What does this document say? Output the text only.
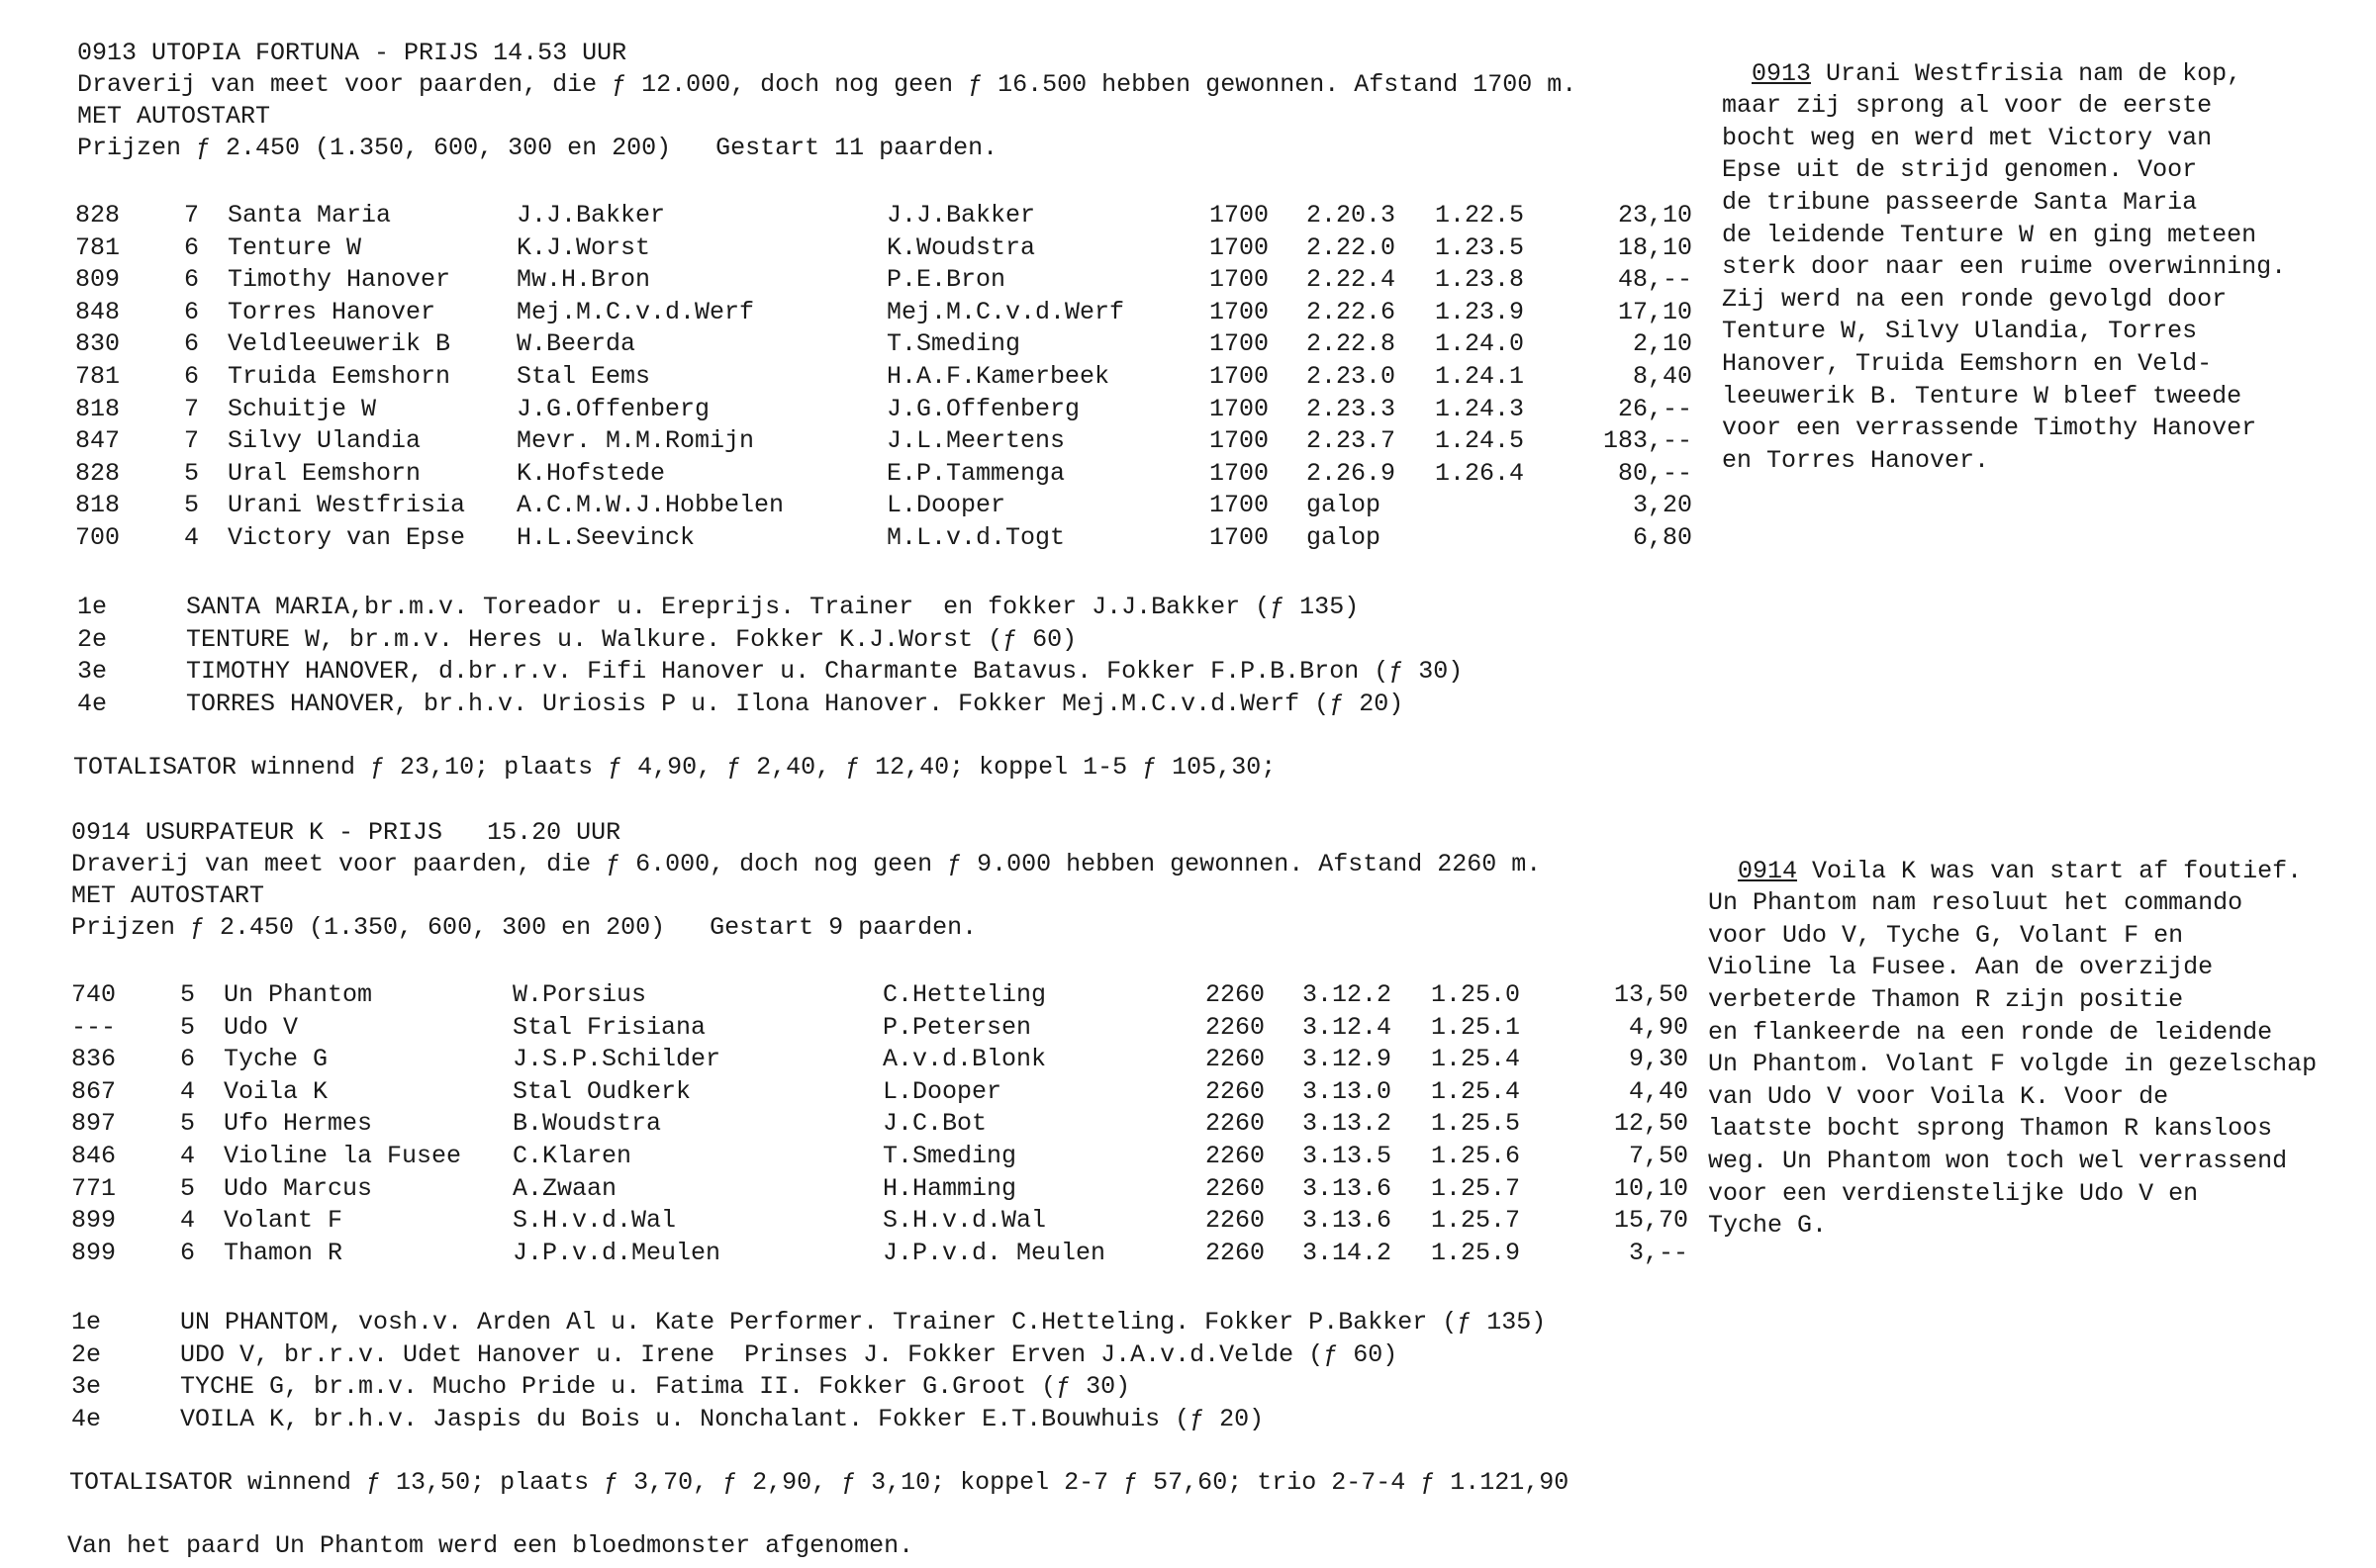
0913 UTOPIA FORTUNA - PRIJS 14.53 UUR

Draverij van meet voor paarden, die ƒ 12.000, doch nog geen ƒ 16.500 hebben gewonnen. Afstand 1700 m.

MET AUTOSTART

Prijzen ƒ 2.450 (1.350, 600, 300 en 200)   Gestart 11 paarden.

828	7	Santa Maria	J.J.Bakker	J.J.Bakker	1700	2.20.3	1.22.5	23,10
781	6	Tenture W	K.J.Worst	K.Woudstra	1700	2.22.0	1.23.5	18,10
809	6	Timothy Hanover	Mw.H.Bron	P.E.Bron	1700	2.22.4	1.23.8	48,--
848	6	Torres Hanover	Mej.M.C.v.d.Werf	Mej.M.C.v.d.Werf	1700	2.22.6	1.23.9	17,10
830	6	Veldleeuwerik B	W.Beerda	T.Smeding	1700	2.22.8	1.24.0	2,10
781	6	Truida Eemshorn	Stal Eems	H.A.F.Kamerbeek	1700	2.23.0	1.24.1	8,40
818	7	Schuitje W	J.G.Offenberg	J.G.Offenberg	1700	2.23.3	1.24.3	26,--
847	7	Silvy Ulandia	Mevr. M.M.Romijn	J.L.Meertens	1700	2.23.7	1.24.5	183,--
828	5	Ural Eemshorn	K.Hofstede	E.P.Tammenga	1700	2.26.9	1.26.4	80,--
818	5	Urani Westfrisia	A.C.M.W.J.Hobbelen	L.Dooper	1700	galop		3,20
700	4	Victory van Epse	H.L.Seevinck	M.L.v.d.Togt	1700	galop		6,80
1e	SANTA MARIA,br.m.v. Toreador u. Ereprijs. Trainer  en fokker J.J.Bakker (ƒ 135)
2e	TENTURE W, br.m.v. Heres u. Walkure. Fokker K.J.Worst (ƒ 60)
3e	TIMOTHY HANOVER, d.br.r.v. Fifi Hanover u. Charmante Batavus. Fokker F.P.B.Bron (ƒ 30)
4e	TORRES HANOVER, br.h.v. Uriosis P u. Ilona Hanover. Fokker Mej.M.C.v.d.Werf (ƒ 20)

TOTALISATOR winnend ƒ 23,10; plaats ƒ 4,90, ƒ 2,40, ƒ 12,40; koppel 1-5 ƒ 105,30;

0913 Urani Westfrisia nam de kop,
maar zij sprong al voor de eerste
bocht weg en werd met Victory van
Epse uit de strijd genomen. Voor
de tribune passeerde Santa Maria
de leidende Tenture W en ging meteen
sterk door naar een ruime overwinning.
Zij werd na een ronde gevolgd door
Tenture W, Silvy Ulandia, Torres
Hanover, Truida Eemshorn en Veld-
leeuwerik B. Tenture W bleef tweede
voor een verrassende Timothy Hanover
en Torres Hanover.

0914 USURPATEUR K - PRIJS   15.20 UUR

Draverij van meet voor paarden, die ƒ 6.000, doch nog geen ƒ 9.000 hebben gewonnen. Afstand 2260 m.

MET AUTOSTART

Prijzen ƒ 2.450 (1.350, 600, 300 en 200)   Gestart 9 paarden.

740	5	Un Phantom	W.Porsius	C.Hetteling	2260	3.12.2	1.25.0	13,50
---	5	Udo V	Stal Frisiana	P.Petersen	2260	3.12.4	1.25.1	4,90
836	6	Tyche G	J.S.P.Schilder	A.v.d.Blonk	2260	3.12.9	1.25.4	9,30
867	4	Voila K	Stal Oudkerk	L.Dooper	2260	3.13.0	1.25.4	4,40
897	5	Ufo Hermes	B.Woudstra	J.C.Bot	2260	3.13.2	1.25.5	12,50
846	4	Violine la Fusee	C.Klaren	T.Smeding	2260	3.13.5	1.25.6	7,50
771	5	Udo Marcus	A.Zwaan	H.Hamming	2260	3.13.6	1.25.7	10,10
899	4	Volant F	S.H.v.d.Wal	S.H.v.d.Wal	2260	3.13.6	1.25.7	15,70
899	6	Thamon R	J.P.v.d.Meulen	J.P.v.d. Meulen	2260	3.14.2	1.25.9	3,--
1e	UN PHANTOM, vosh.v. Arden Al u. Kate Performer. Trainer C.Hetteling. Fokker P.Bakker (ƒ 135)
2e	UDO V, br.r.v. Udet Hanover u. Irene  Prinses J. Fokker Erven J.A.v.d.Velde (ƒ 60)
3e	TYCHE G, br.m.v. Mucho Pride u. Fatima II. Fokker G.Groot (ƒ 30)
4e	VOILA K, br.h.v. Jaspis du Bois u. Nonchalant. Fokker E.T.Bouwhuis (ƒ 20)

TOTALISATOR winnend ƒ 13,50; plaats ƒ 3,70, ƒ 2,90, ƒ 3,10; koppel 2-7 ƒ 57,60; trio 2-7-4 ƒ 1.121,90

Van het paard Un Phantom werd een bloedmonster afgenomen.

0914 Voila K was van start af foutief.
Un Phantom nam resoluut het commando
voor Udo V, Tyche G, Volant F en
Violine la Fusee. Aan de overzijde
verbeterde Thamon R zijn positie
en flankeerde na een ronde de leidende
Un Phantom. Volant F volgde in gezelschap
van Udo V voor Voila K. Voor de
laatste bocht sprong Thamon R kansloos
weg. Un Phantom won toch wel verrassend
voor een verdienstelijke Udo V en
Tyche G.
